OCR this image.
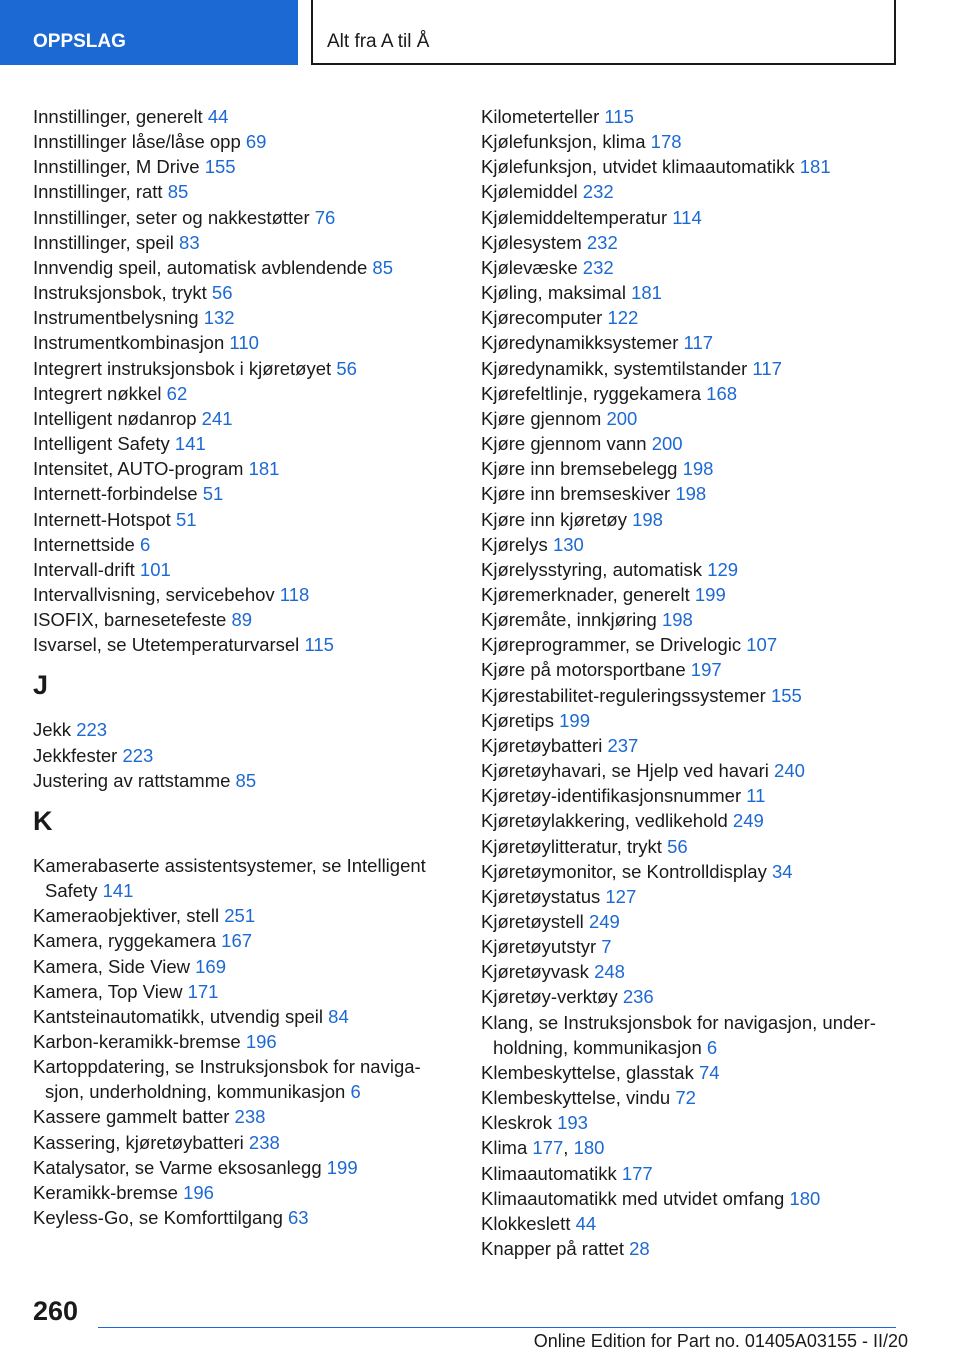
OPPSLAG	Alt fra A til Å
Innstillinger, generelt 44
Innstillinger låse/låse opp 69
Innstillinger, M Drive 155
Innstillinger, ratt 85
Innstillinger, seter og nakkestøtter 76
Innstillinger, speil 83
Innvendig speil, automatisk avblendende 85
Instruksjonsbok, trykt 56
Instrumentbelysning 132
Instrumentkombinasjon 110
Integrert instruksjonsbok i kjøretøyet 56
Integrert nøkkel 62
Intelligent nødanrop 241
Intelligent Safety 141
Intensitet, AUTO-program 181
Internett-forbindelse 51
Internett-Hotspot 51
Internettside 6
Intervall-drift 101
Intervallvisning, servicebehov 118
ISOFIX, barnesetefeste 89
Isvarsel, se Utetemperaturvarsel 115
J
Jekk 223
Jekkfester 223
Justering av rattstamme 85
K
Kamerabaserte assistentsystemer, se Intelligent Safety 141
Kameraobjektiver, stell 251
Kamera, ryggekamera 167
Kamera, Side View 169
Kamera, Top View 171
Kantsteinautomatikk, utvendig speil 84
Karbon-keramikk-bremse 196
Kartoppdatering, se Instruksjonsbok for naviga‐ sjon, underholdning, kommunikasjon 6
Kassere gammelt batter 238
Kassering, kjøretøybatteri 238
Katalysator, se Varme eksosanlegg 199
Keramikk-bremse 196
Keyless-Go, se Komforttilgang 63
Kilometerteller 115
Kjølefunksjon, klima 178
Kjølefunksjon, utvidet klimaautomatikk 181
Kjølemiddel 232
Kjølemiddeltemperatur 114
Kjølesystem 232
Kjølevæske 232
Kjøling, maksimal 181
Kjørecomputer 122
Kjøredynamikksystemer 117
Kjøredynamikk, systemtilstander 117
Kjørefeltlinje, ryggekamera 168
Kjøre gjennom 200
Kjøre gjennom vann 200
Kjøre inn bremsebelegg 198
Kjøre inn bremseskiver 198
Kjøre inn kjøretøy 198
Kjørelys 130
Kjørelysstyring, automatisk 129
Kjøremerknader, generelt 199
Kjøremåte, innkjøring 198
Kjøreprogrammer, se Drivelogic 107
Kjøre på motorsportbane 197
Kjørestabilitet-reguleringssystemer 155
Kjøretips 199
Kjøretøybatteri 237
Kjøretøyhavari, se Hjelp ved havari 240
Kjøretøy-identifikasjonsnummer 11
Kjøretøylakkering, vedlikehold 249
Kjøretøylitteratur, trykt 56
Kjøretøymonitor, se Kontrolldisplay 34
Kjøretøystatus 127
Kjøretøystell 249
Kjøretøyutstyr 7
Kjøretøyvask 248
Kjøretøy-verktøy 236
Klang, se Instruksjonsbok for navigasjon, under‐ holdning, kommunikasjon 6
Klembeskyttelse, glasstak 74
Klembeskyttelse, vindu 72
Kleskrok 193
Klima 177, 180
Klimaautomatikk 177
Klimaautomatikk med utvidet omfang 180
Klokkeslett 44
Knapper på rattet 28
260
Online Edition for Part no. 01405A03155 - II/20
